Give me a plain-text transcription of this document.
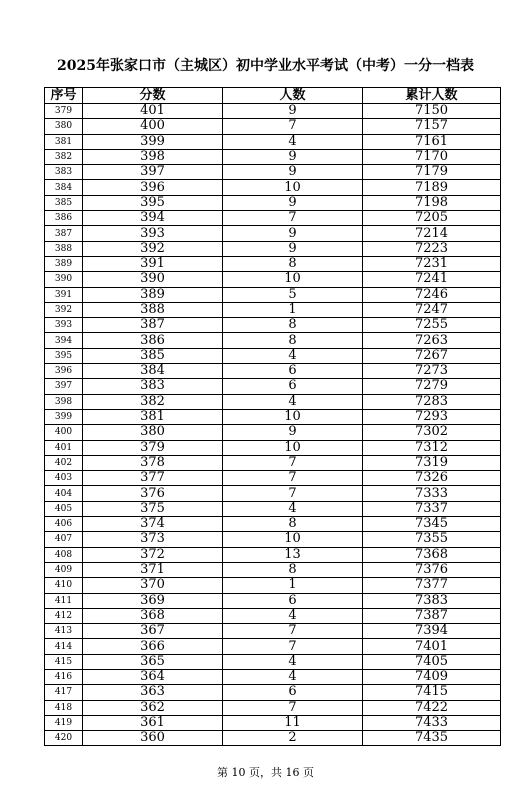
2025年张家口市（主城区）初中学业水平考试（中考）一分一档表
序号	分数	人数	累计人数
379	401	9	7150
380	400	7	7157
381	399	4	7161
382	398	9	7170
383	397	9	7179
384	396	10	7189
385	395	9	7198
386	394	7	7205
387	393	9	7214
388	392	9	7223
389	391	8	7231
390	390	10	7241
391	389	5	7246
392	388	1	7247
393	387	8	7255
394	386	8	7263
395	385	4	7267
396	384	6	7273
397	383	6	7279
398	382	4	7283
399	381	10	7293
400	380	9	7302
401	379	10	7312
402	378	7	7319
403	377	7	7326
404	376	7	7333
405	375	4	7337
406	374	8	7345
407	373	10	7355
408	372	13	7368
409	371	8	7376
410	370	1	7377
411	369	6	7383
412	368	4	7387
413	367	7	7394
414	366	7	7401
415	365	4	7405
416	364	4	7409
417	363	6	7415
418	362	7	7422
419	361	11	7433
420	360	2	7435
第 10 页，共 16 页
